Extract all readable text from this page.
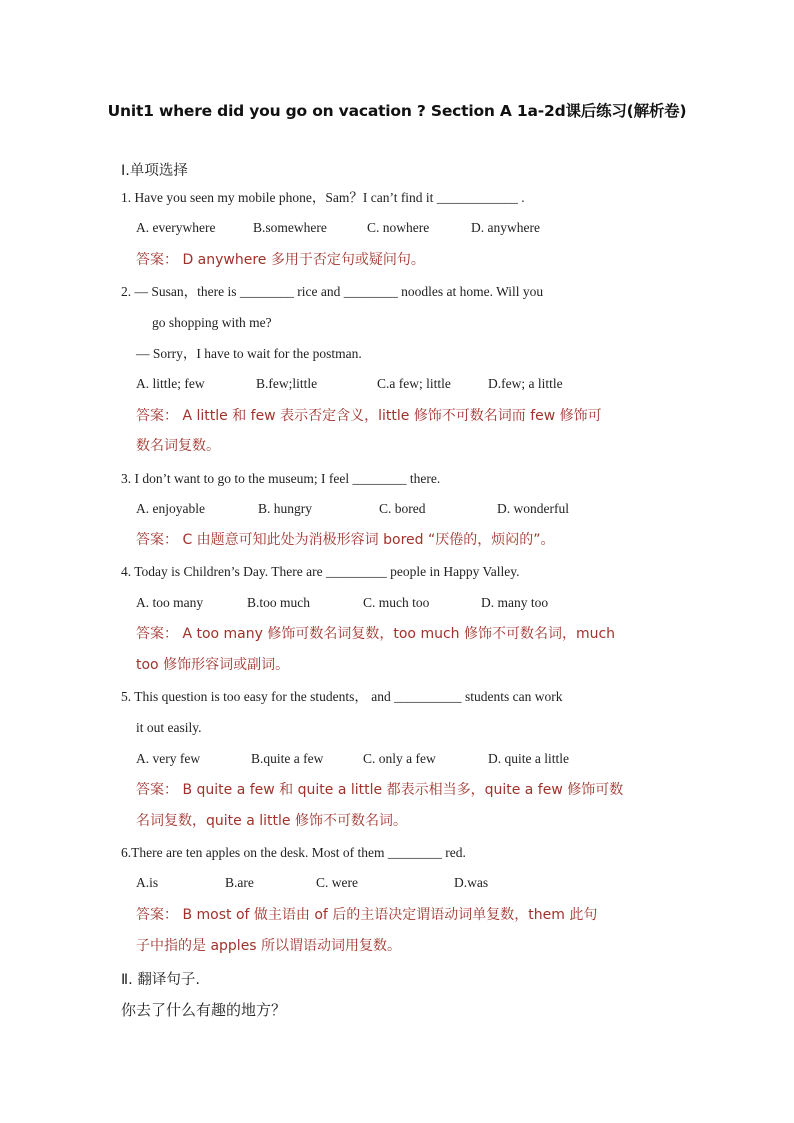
Unit1 where did you go on vacation ? Section A 1a-2d课后练习(解析卷)
Ⅰ.单项选择
1. Have you seen my mobile phone，Sam？I can’t find it ____________ .
A. everywhere	B.somewhere	C. nowhere	D. anywhere
答案： D anywhere 多用于否定句或疑问句。
2. — Susan，there is ________ rice and ________ noodles at home. Will you
go shopping with me?
— Sorry，I have to wait for the postman.
A. little; few	B.few;little	C.a few; little	D.few; a little
答案： A little 和 few 表示否定含义，little 修饰不可数名词而 few 修饰可
数名词复数。
3. I don’t want to go to the museum; I feel ________ there.
A. enjoyable	B. hungry	C. bored	D. wonderful
答案： C 由题意可知此处为消极形容词 bored “厌倦的，烦闷的”。
4. Today is Children’s Day. There are _________ people in Happy Valley.
A. too many	B.too much	C. much too	D. many too
答案： A too many 修饰可数名词复数，too much 修饰不可数名词，much
too 修饰形容词或副词。
5. This question is too easy for the students， and __________ students can work
it out easily.
A. very few	B.quite a few	C. only a few	D. quite a little
答案： B quite a few 和 quite a little 都表示相当多，quite a few 修饰可数
名词复数，quite a little 修饰不可数名词。
6.There are ten apples on the desk. Most of them ________ red.
A.is	B.are	C. were	D.was
答案： B most of 做主语由 of 后的主语决定谓语动词单复数，them 此句
子中指的是 apples 所以谓语动词用复数。
Ⅱ. 翻译句子.
你去了什么有趣的地方？
